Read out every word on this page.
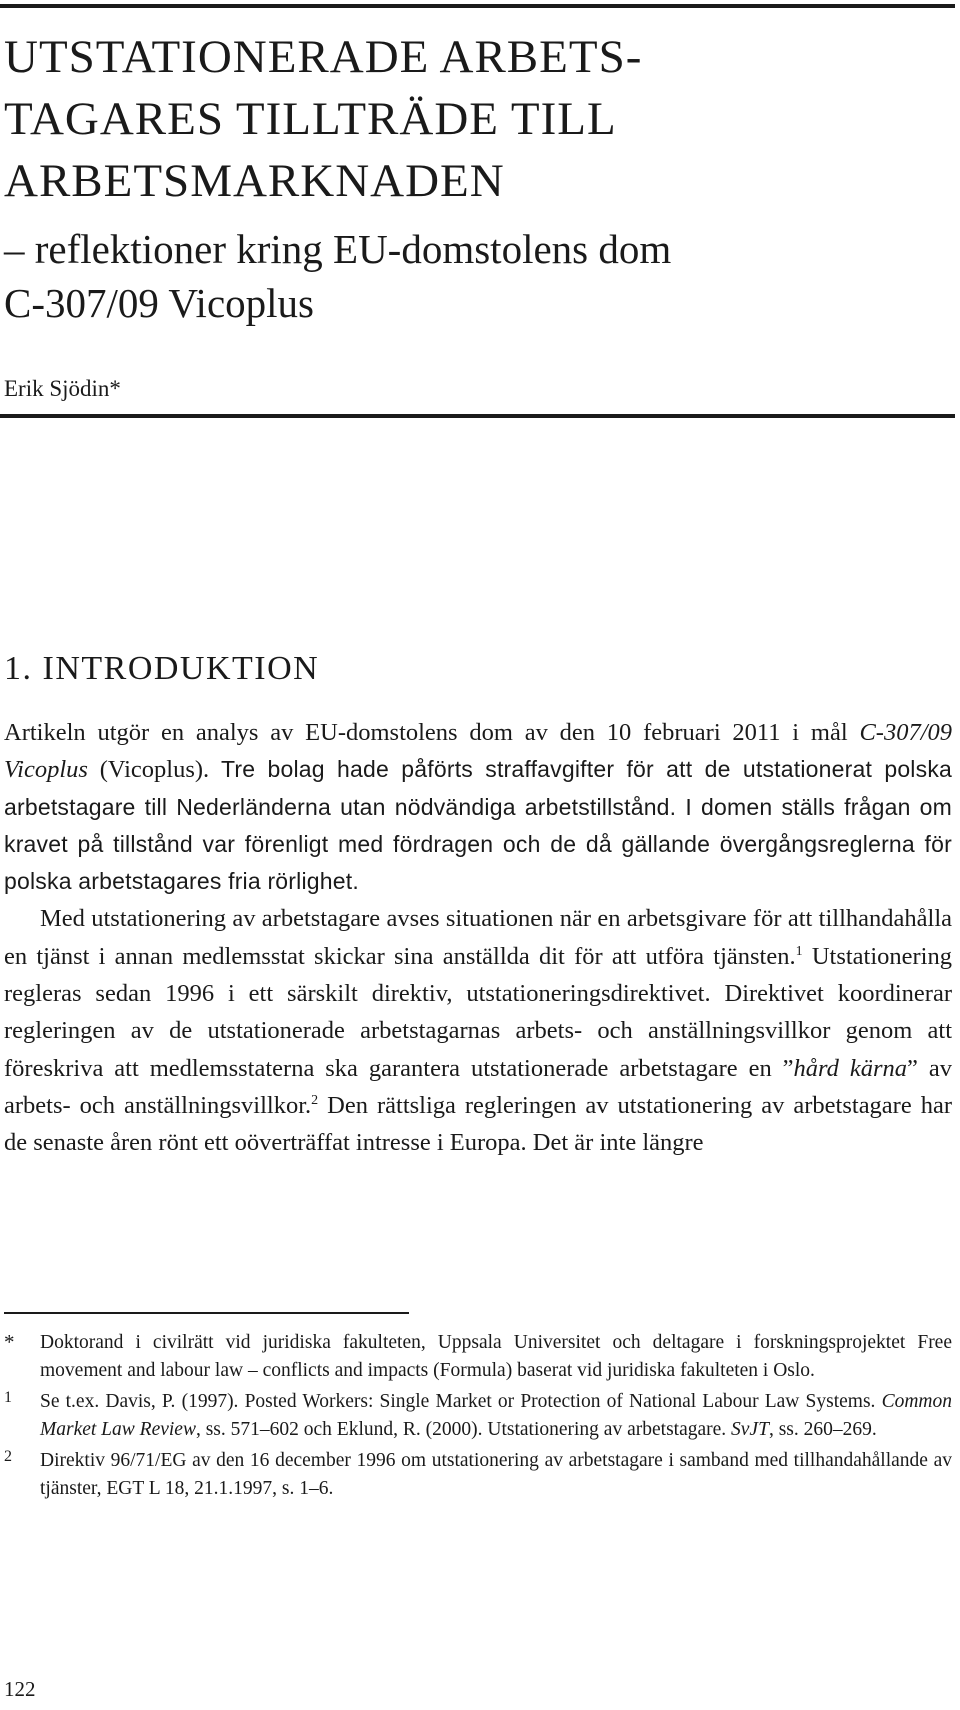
UTSTATIONERADE ARBETS-
TAGARES TILLTRÄDE TILL
ARBETSMARKNADEN
– reflektioner kring EU-domstolens dom
C-307/09 Vicoplus
Erik Sjödin*
1. INTRODUKTION

Artikeln utgör en analys av EU-domstolens dom av den 10 februari 2011 i mål C-307/09 Vicoplus (Vicoplus). Tre bolag hade påförts straffavgifter för att de utstationerat polska arbetstagare till Nederländerna utan nödvändiga arbetstillstånd. I domen ställs frågan om kravet på tillstånd var förenligt med fördragen och de då gällande övergångsreglerna för polska arbetstagares fria rörlighet.

Med utstationering av arbetstagare avses situationen när en arbetsgivare för att tillhandahålla en tjänst i annan medlemsstat skickar sina anställda dit för att utföra tjänsten.$^1$ Utstationering regleras sedan 1996 i ett särskilt direktiv, utstationeringsdirektivet. Direktivet koordinerar regleringen av de utstationerade arbetstagarnas arbets- och anställningsvillkor genom att föreskriva att medlemsstaterna ska garantera utstationerade arbetstagare en ”hård kärna” av arbets- och anställningsvillkor.$^2$ Den rättsliga regleringen av utstationering av arbetstagare har de senaste åren rönt ett oöverträffat intresse i Europa. Det är inte längre

*	Doktorand i civilrätt vid juridiska fakulteten, Uppsala Universitet och deltagare i forskningsprojektet Free movement and labour law – conflicts and impacts (Formula) baserat vid juridiska fakulteten i Oslo.
1	Se t.ex. Davis, P. (1997). Posted Workers: Single Market or Protection of National Labour Law Systems. Common Market Law Review, ss. 571–602 och Eklund, R. (2000). Utstationering av arbetstagare. SvJT, ss. 260–269.
2	Direktiv 96/71/EG av den 16 december 1996 om utstationering av arbetstagare i samband med tillhandahållande av tjänster, EGT L 18, 21.1.1997, s. 1–6.
122
